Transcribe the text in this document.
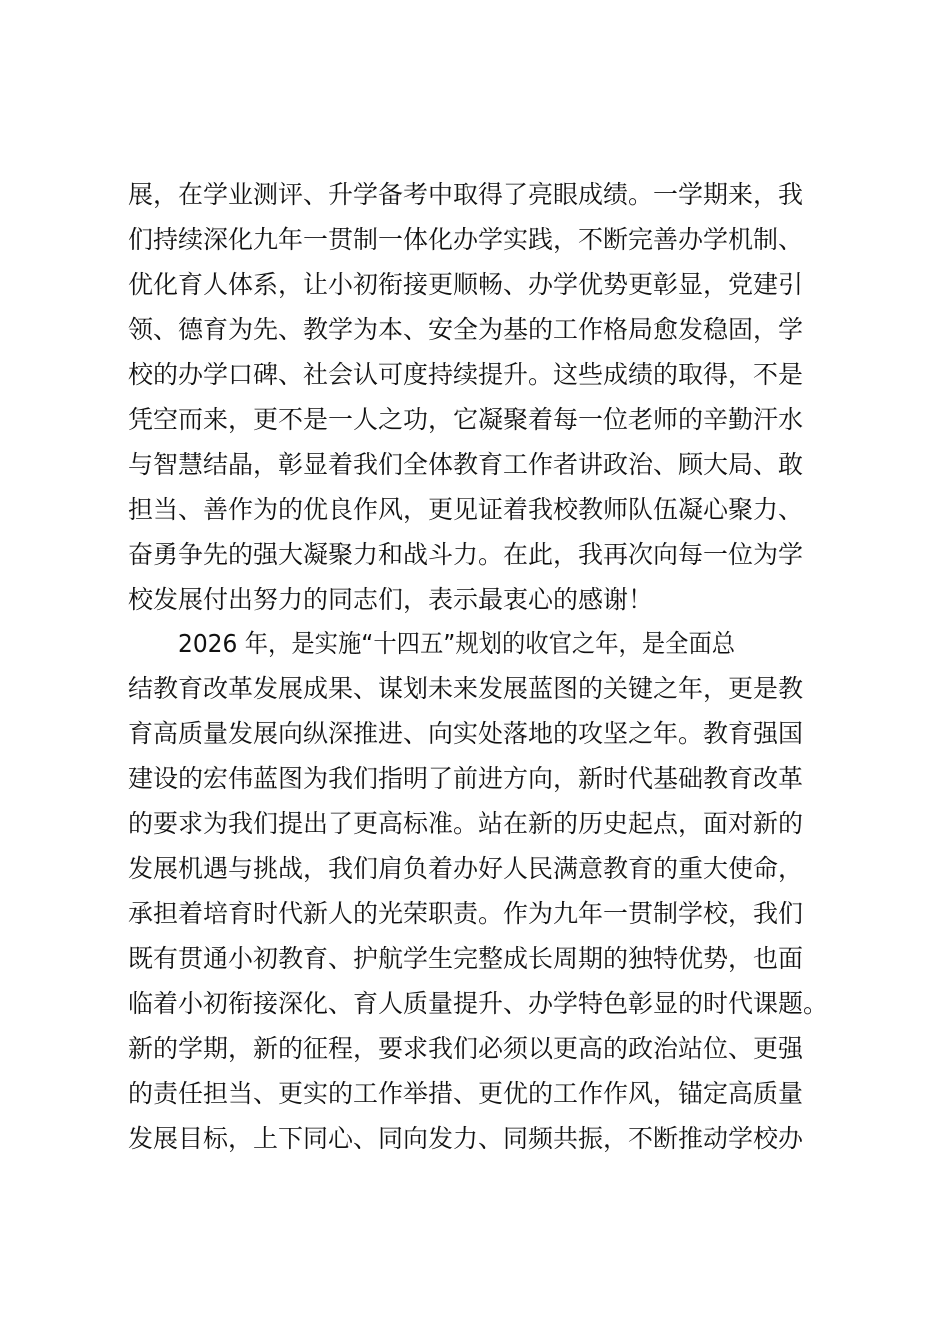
展，在学业测评、升学备考中取得了亮眼成绩。一学期来，我
们持续深化九年一贯制一体化办学实践，不断完善办学机制、
优化育人体系，让小初衔接更顺畅、办学优势更彰显，党建引
领、德育为先、教学为本、安全为基的工作格局愈发稳固，学
校的办学口碑、社会认可度持续提升。这些成绩的取得，不是
凭空而来，更不是一人之功，它凝聚着每一位老师的辛勤汗水
与智慧结晶，彰显着我们全体教育工作者讲政治、顾大局、敢
担当、善作为的优良作风，更见证着我校教师队伍凝心聚力、
奋勇争先的强大凝聚力和战斗力。在此，我再次向每一位为学
校发展付出努力的同志们，表示最衷心的感谢！
2026 年，是实施“十四五”规划的收官之年，是全面总
结教育改革发展成果、谋划未来发展蓝图的关键之年，更是教
育高质量发展向纵深推进、向实处落地的攻坚之年。教育强国
建设的宏伟蓝图为我们指明了前进方向，新时代基础教育改革
的要求为我们提出了更高标准。站在新的历史起点，面对新的
发展机遇与挑战，我们肩负着办好人民满意教育的重大使命，
承担着培育时代新人的光荣职责。作为九年一贯制学校，我们
既有贯通小初教育、护航学生完整成长周期的独特优势，也面
临着小初衔接深化、育人质量提升、办学特色彰显的时代课题。
新的学期，新的征程，要求我们必须以更高的政治站位、更强
的责任担当、更实的工作举措、更优的工作作风，锚定高质量
发展目标，上下同心、同向发力、同频共振，不断推动学校办
